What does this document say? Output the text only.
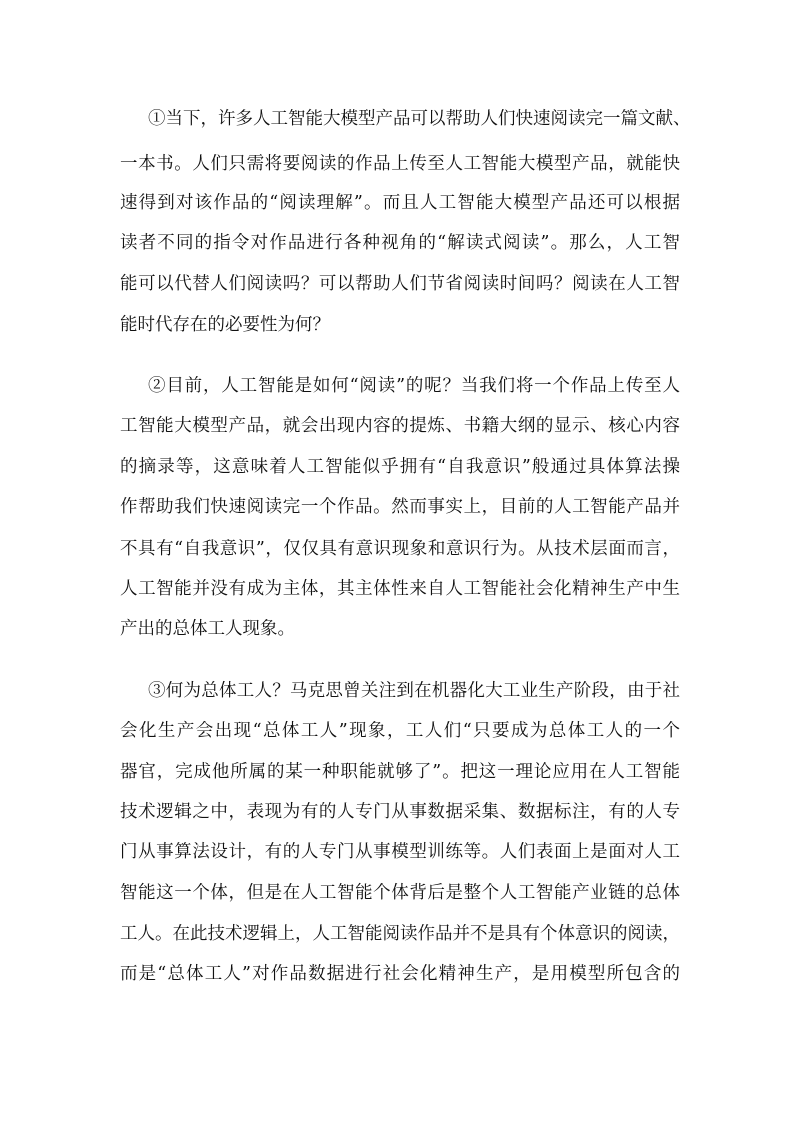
①当下，许多人工智能大模型产品可以帮助人们快速阅读完一篇文献、
一本书。人们只需将要阅读的作品上传至人工智能大模型产品，就能快
速得到对该作品的“阅读理解”。而且人工智能大模型产品还可以根据
读者不同的指令对作品进行各种视角的“解读式阅读”。那么，人工智
能可以代替人们阅读吗？可以帮助人们节省阅读时间吗？阅读在人工智
能时代存在的必要性为何？
②目前，人工智能是如何“阅读”的呢？当我们将一个作品上传至人
工智能大模型产品，就会出现内容的提炼、书籍大纲的显示、核心内容
的摘录等，这意味着人工智能似乎拥有“自我意识”般通过具体算法操
作帮助我们快速阅读完一个作品。然而事实上，目前的人工智能产品并
不具有“自我意识”，仅仅具有意识现象和意识行为。从技术层面而言，
人工智能并没有成为主体，其主体性来自人工智能社会化精神生产中生
产出的总体工人现象。
③何为总体工人？马克思曾关注到在机器化大工业生产阶段，由于社
会化生产会出现“总体工人”现象，工人们“只要成为总体工人的一个
器官，完成他所属的某一种职能就够了”。把这一理论应用在人工智能
技术逻辑之中，表现为有的人专门从事数据采集、数据标注，有的人专
门从事算法设计，有的人专门从事模型训练等。人们表面上是面对人工
智能这一个体，但是在人工智能个体背后是整个人工智能产业链的总体
工人。在此技术逻辑上，人工智能阅读作品并不是具有个体意识的阅读，
而是“总体工人”对作品数据进行社会化精神生产，是用模型所包含的
